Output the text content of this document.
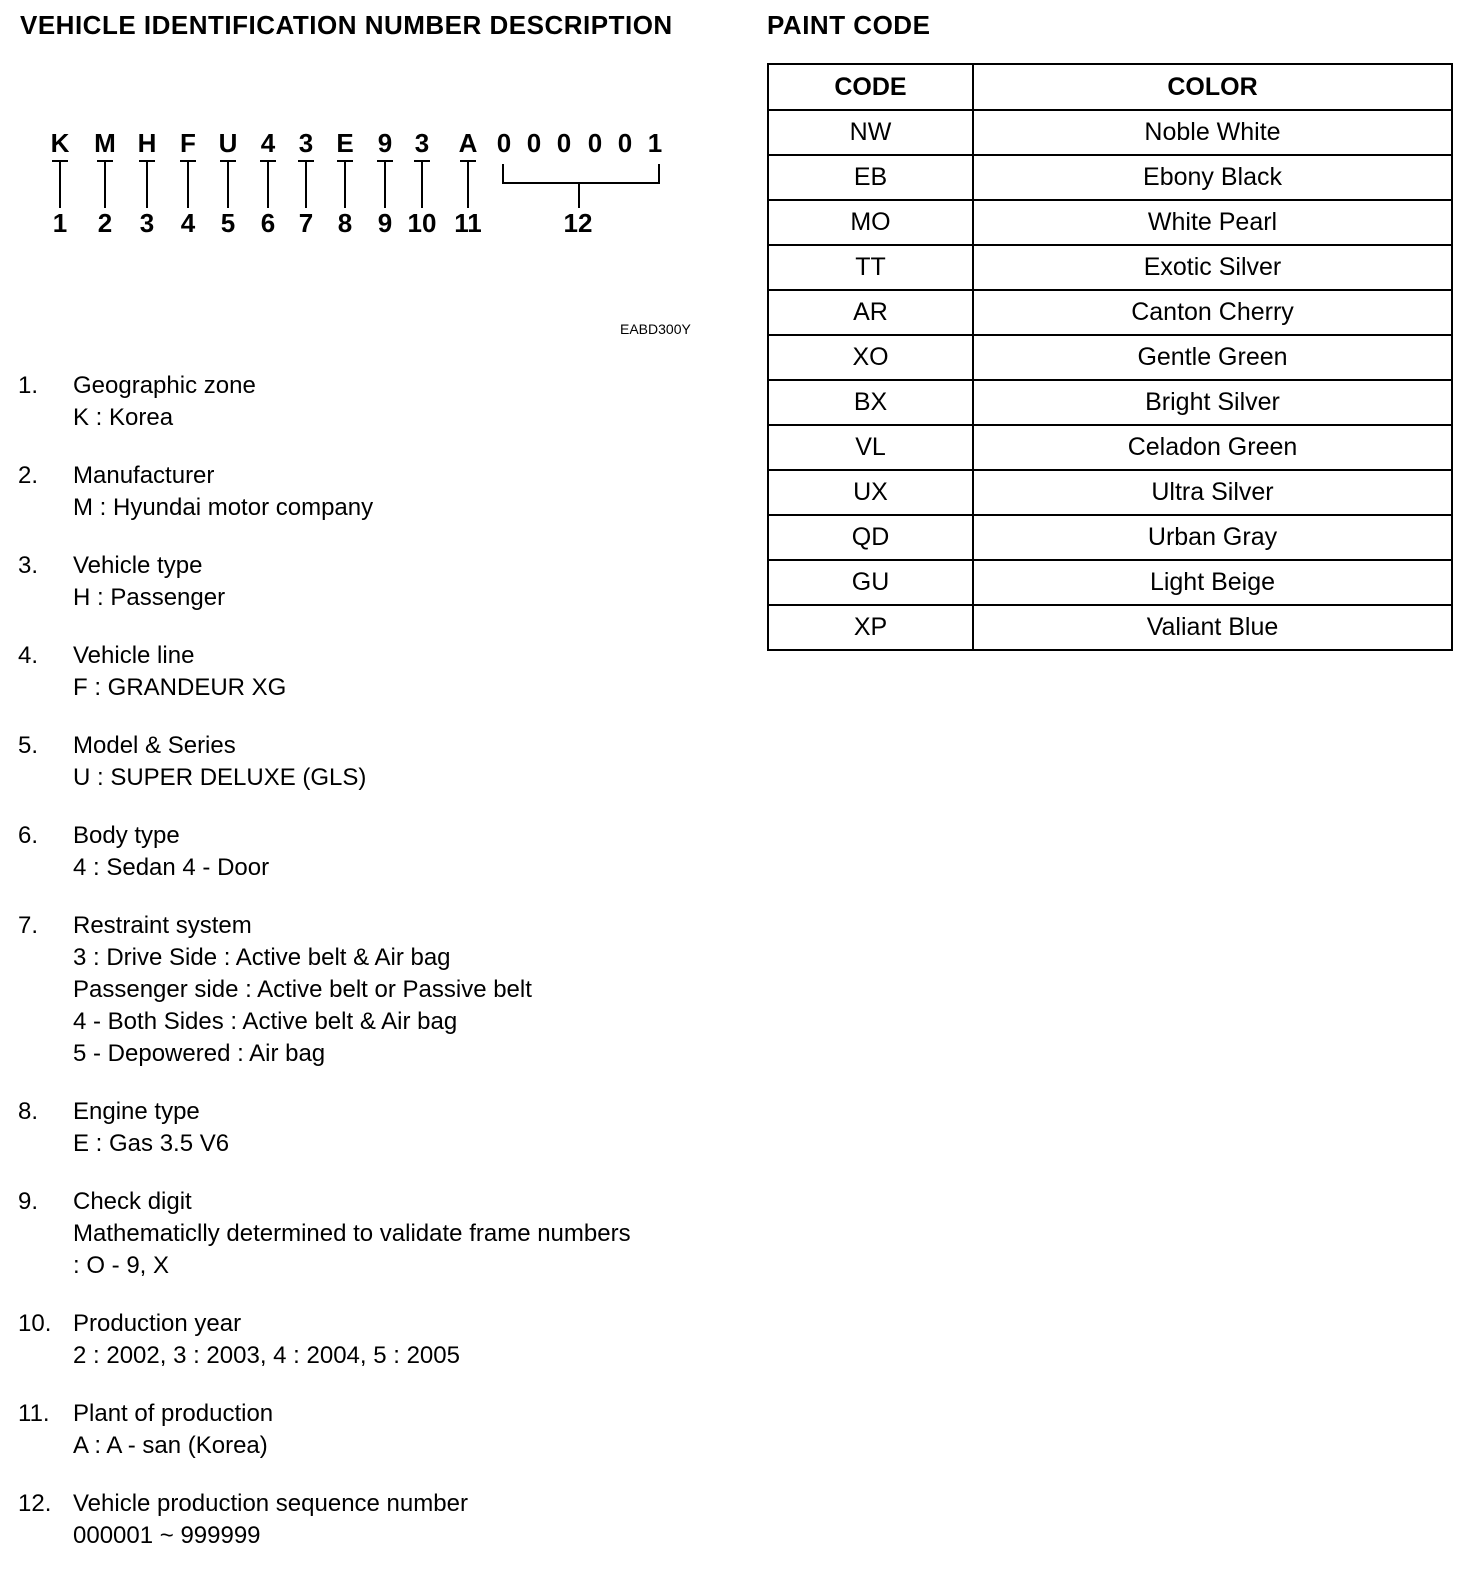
VEHICLE IDENTIFICATION NUMBER DESCRIPTION	PAINT CODE
K
1
M
2
H
3
F
4
U
5
4
6
3
7
E
8
9
9
3
10
A
11
0 0 0 0 0 1
12
EABD300Y
1. Geographic zone
K : Korea
2. Manufacturer
M : Hyundai motor company
3. Vehicle type
H : Passenger
4. Vehicle line
F : GRANDEUR XG
5. Model & Series
U : SUPER DELUXE (GLS)
6. Body type
4 : Sedan 4 - Door
7. Restraint system
3 : Drive Side : Active belt & Air bag
Passenger side : Active belt or Passive belt
4 - Both Sides : Active belt & Air bag
5 - Depowered : Air bag
8. Engine type
E : Gas 3.5 V6
9. Check digit
Mathematiclly determined to validate frame numbers
: O - 9, X
10. Production year
2 : 2002, 3 : 2003, 4 : 2004, 5 : 2005
11. Plant of production
A : A - san (Korea)
12. Vehicle production sequence number
000001 ~ 999999
CODE	COLOR
NW	Noble White
EB	Ebony Black
MO	White Pearl
TT	Exotic Silver
AR	Canton Cherry
XO	Gentle Green
BX	Bright Silver
VL	Celadon Green
UX	Ultra Silver
QD	Urban Gray
GU	Light Beige
XP	Valiant Blue
